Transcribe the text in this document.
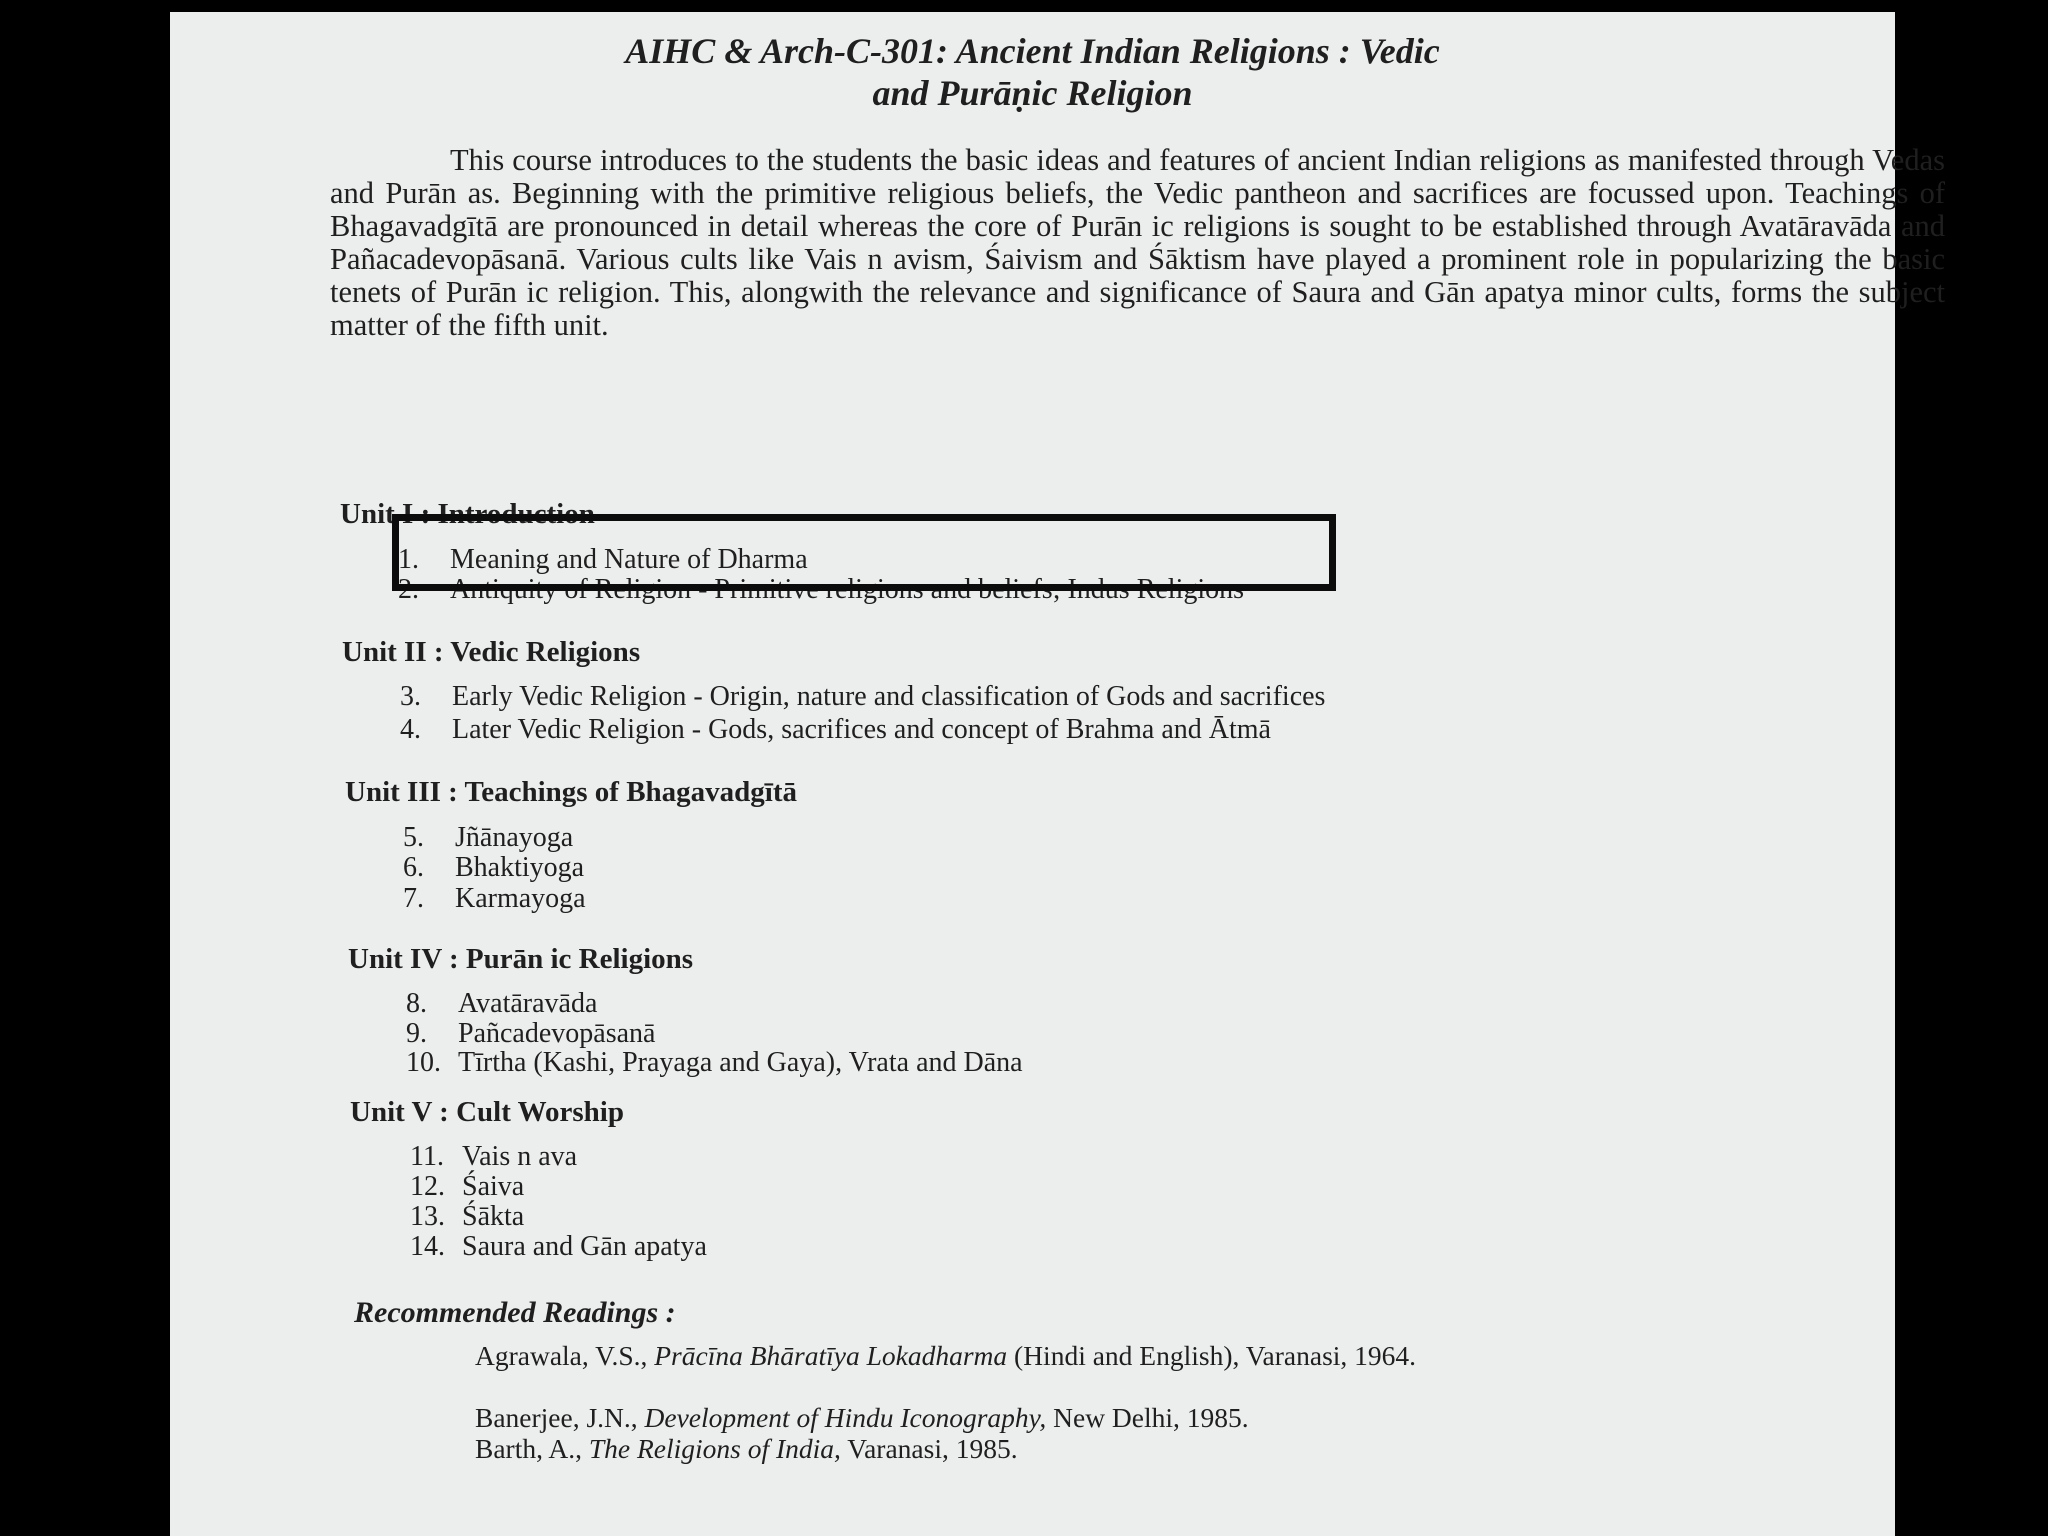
AIHC & Arch-C-301: Ancient Indian Religions : Vedic
and Purāṇic Religion

This course introduces to the students the basic ideas and features of ancient Indian religions as manifested through Vedas and Purān as. Beginning with the primitive religious beliefs, the Vedic pantheon and sacrifices are focussed upon. Teachings of Bhagavadgītā are pronounced in detail whereas the core of Purān ic religions is sought to be established through Avatāravāda and Pañacadevopāsanā. Various cults like Vais n avism, Śaivism and Śāktism have played a prominent role in popularizing the basic tenets of Purān ic religion. This, alongwith the relevance and significance of Saura and Gān apatya minor cults, forms the subject matter of the fifth unit.

Unit I : Introduction
1. Meaning and Nature of Dharma
2. Antiquity of Religion - Primitive religions and beliefs; Indus Religions
Unit II : Vedic Religions
3. Early Vedic Religion - Origin, nature and classification of Gods and sacrifices
4. Later Vedic Religion - Gods, sacrifices and concept of Brahma and Ātmā
Unit III : Teachings of Bhagavadgītā
5. Jñānayoga
6. Bhaktiyoga
7. Karmayoga
Unit IV : Purān ic Religions
8. Avatāravāda
9. Pañcadevopāsanā
10. Tīrtha (Kashi, Prayaga and Gaya), Vrata and Dāna
Unit V : Cult Worship
11. Vais n ava
12. Śaiva
13. Śākta
14. Saura and Gān apatya
Recommended Readings :

Agrawala, V.S., Prācīna Bhāratīya Lokadharma (Hindi and English), Varanasi, 1964.

Banerjee, J.N., Development of Hindu Iconography, New Delhi, 1985.

Barth, A., The Religions of India, Varanasi, 1985.
